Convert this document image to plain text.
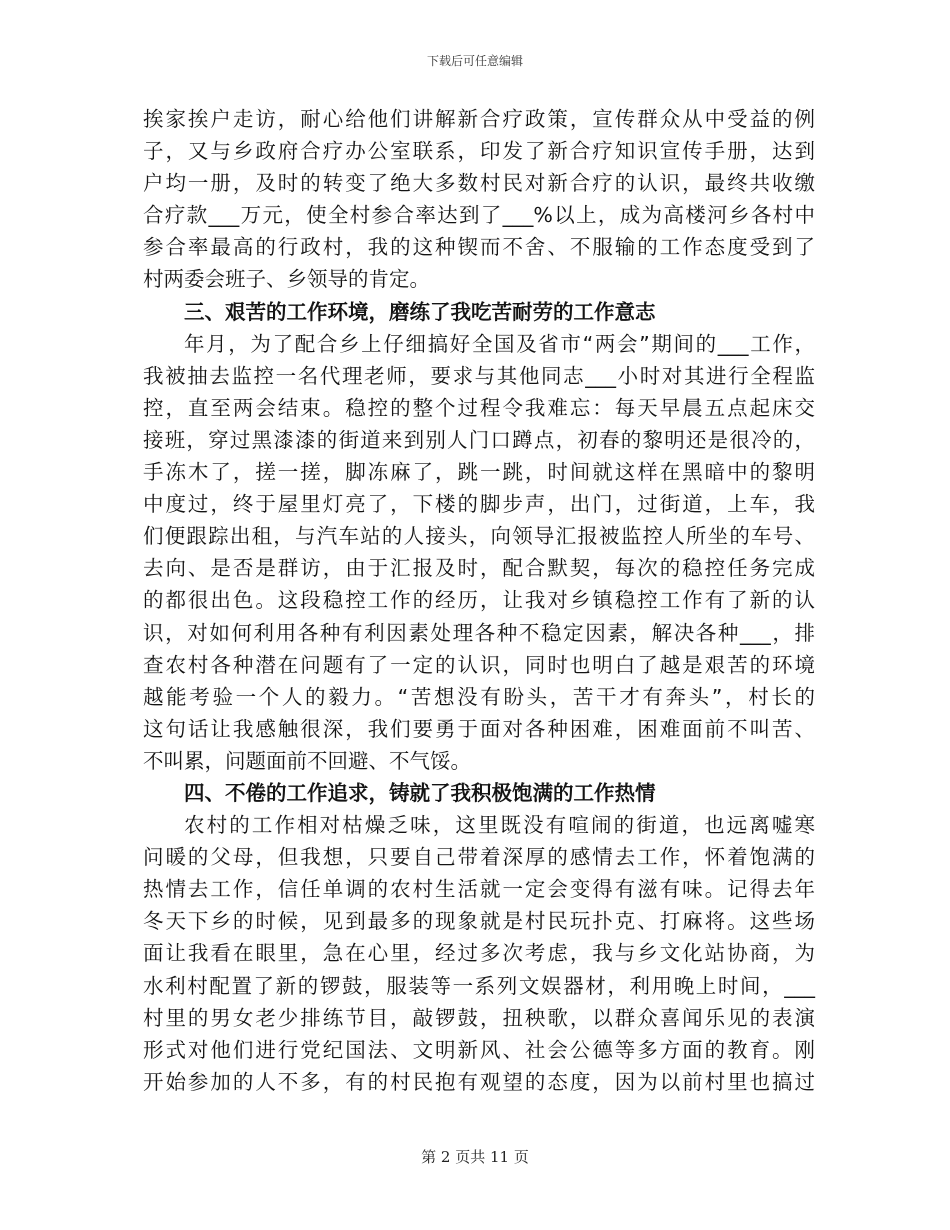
下载后可任意编辑
挨家挨户走访，耐心给他们讲解新合疗政策，宣传群众从中受益的例
子，又与乡政府合疗办公室联系，印发了新合疗知识宣传手册，达到
户均一册，及时的转变了绝大多数村民对新合疗的认识，最终共收缴
合疗款___万元，使全村参合率达到了___%以上，成为高楼河乡各村中
参合率最高的行政村，我的这种锲而不舍、不服输的工作态度受到了
村两委会班子、乡领导的肯定。
三、艰苦的工作环境，磨练了我吃苦耐劳的工作意志
年月，为了配合乡上仔细搞好全国及省市“两会”期间的___工作，
我被抽去监控一名代理老师，要求与其他同志___小时对其进行全程监
控，直至两会结束。稳控的整个过程令我难忘：每天早晨五点起床交
接班，穿过黑漆漆的街道来到别人门口蹲点，初春的黎明还是很冷的，
手冻木了，搓一搓，脚冻麻了，跳一跳，时间就这样在黑暗中的黎明
中度过，终于屋里灯亮了，下楼的脚步声，出门，过街道，上车，我
们便跟踪出租，与汽车站的人接头，向领导汇报被监控人所坐的车号、
去向、是否是群访，由于汇报及时，配合默契，每次的稳控任务完成
的都很出色。这段稳控工作的经历，让我对乡镇稳控工作有了新的认
识，对如何利用各种有利因素处理各种不稳定因素，解决各种___，排
查农村各种潜在问题有了一定的认识，同时也明白了越是艰苦的环境
越能考验一个人的毅力。“苦想没有盼头，苦干才有奔头”，村长的
这句话让我感触很深，我们要勇于面对各种困难，困难面前不叫苦、
不叫累，问题面前不回避、不气馁。
四、不倦的工作追求，铸就了我积极饱满的工作热情
农村的工作相对枯燥乏味，这里既没有喧闹的街道，也远离嘘寒
问暖的父母，但我想，只要自己带着深厚的感情去工作，怀着饱满的
热情去工作，信任单调的农村生活就一定会变得有滋有味。记得去年
冬天下乡的时候，见到最多的现象就是村民玩扑克、打麻将。这些场
面让我看在眼里，急在心里，经过多次考虑，我与乡文化站协商，为
水利村配置了新的锣鼓，服装等一系列文娱器材，利用晚上时间，___
村里的男女老少排练节目，敲锣鼓，扭秧歌，以群众喜闻乐见的表演
形式对他们进行党纪国法、文明新风、社会公德等多方面的教育。刚
开始参加的人不多，有的村民抱有观望的态度，因为以前村里也搞过
第 2 页共 11 页
